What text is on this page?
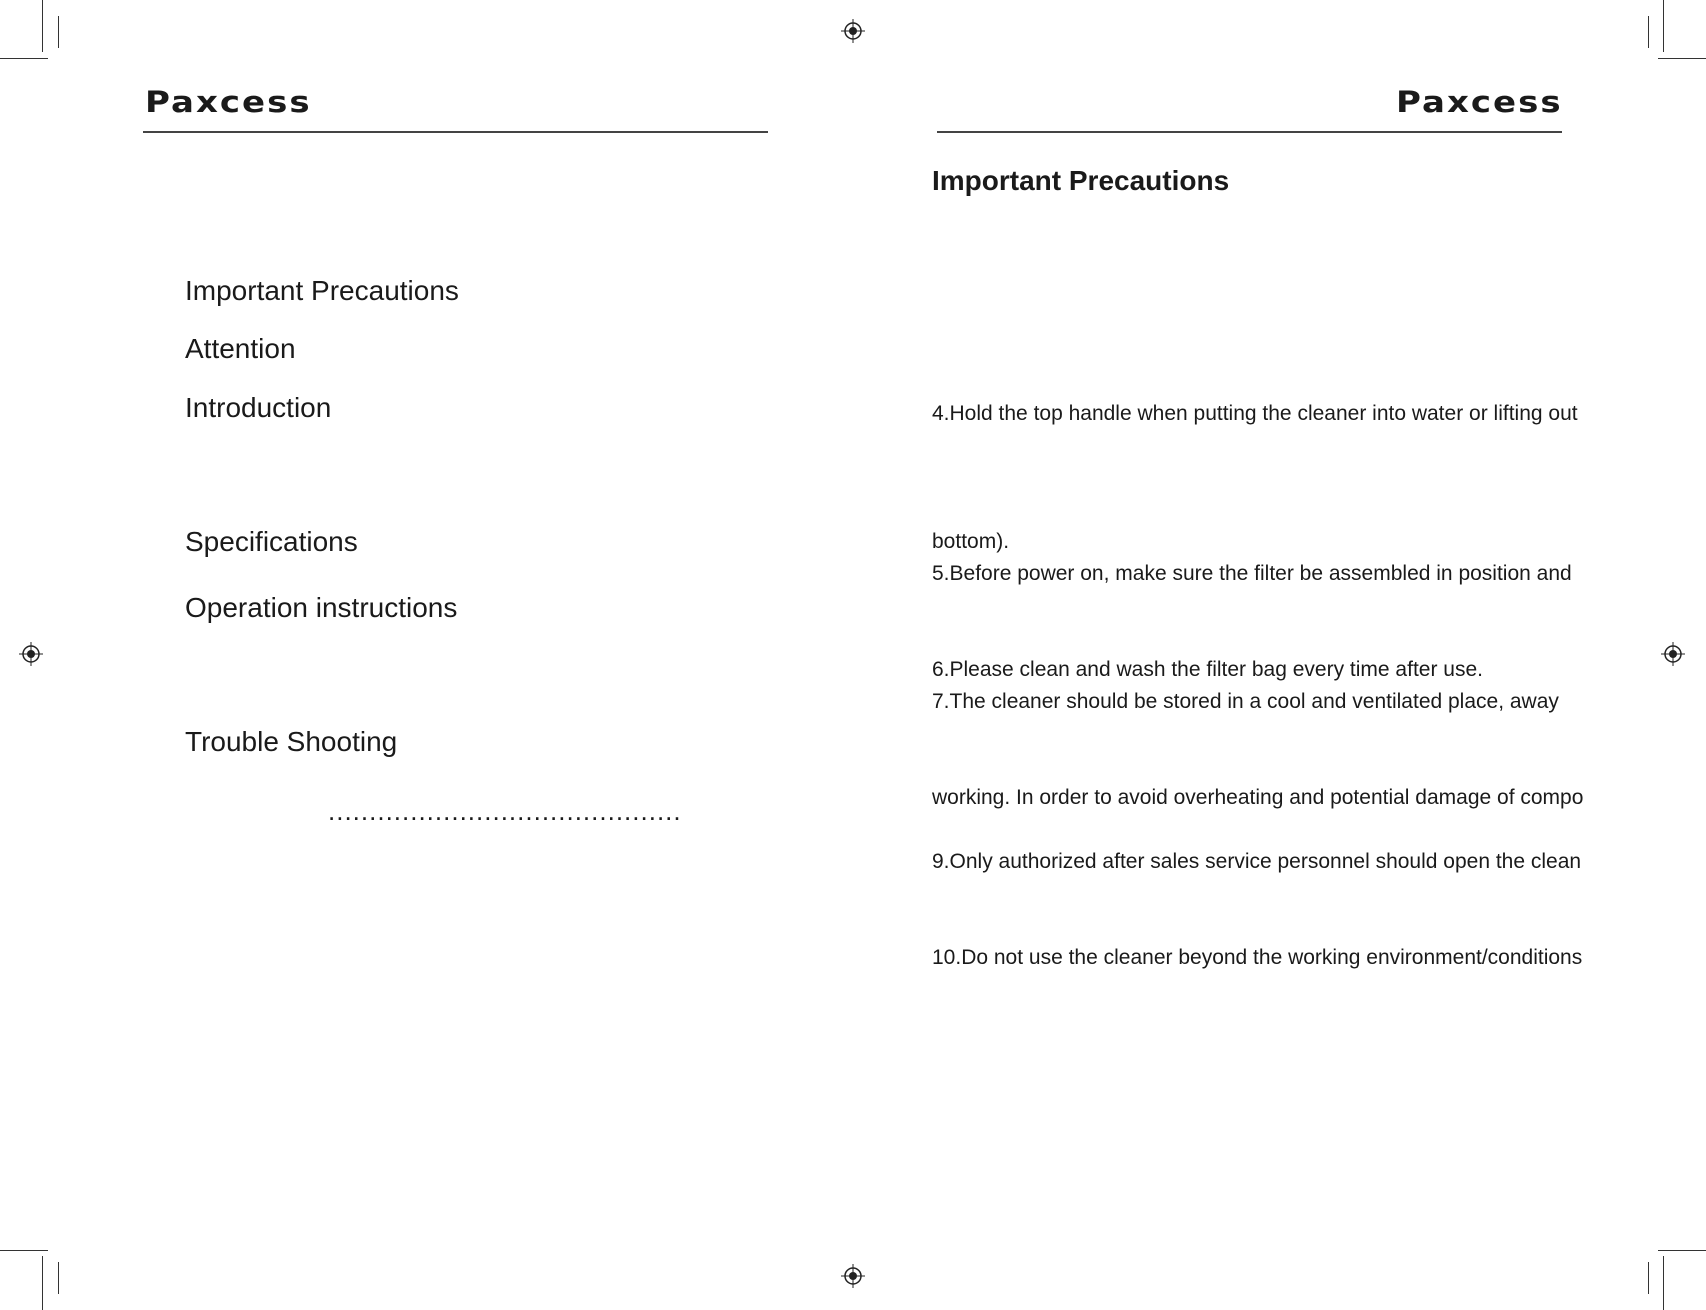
Paxcess
Important Precautions
Attention
Introduction
Specifications
Operation instructions
Trouble Shooting
...........................................
Paxcess
Important Precautions
4.Hold the top handle when putting the cleaner into water or lifting out
bottom).
5.Before power on, make sure the filter be assembled in position and
6.Please clean and wash the filter bag every time after use.
7.The cleaner should be stored in a cool and ventilated place, away
working. In order to avoid overheating and potential damage of compo
9.Only authorized after sales service personnel should open the clean
10.Do not use the cleaner beyond the working environment/conditions
